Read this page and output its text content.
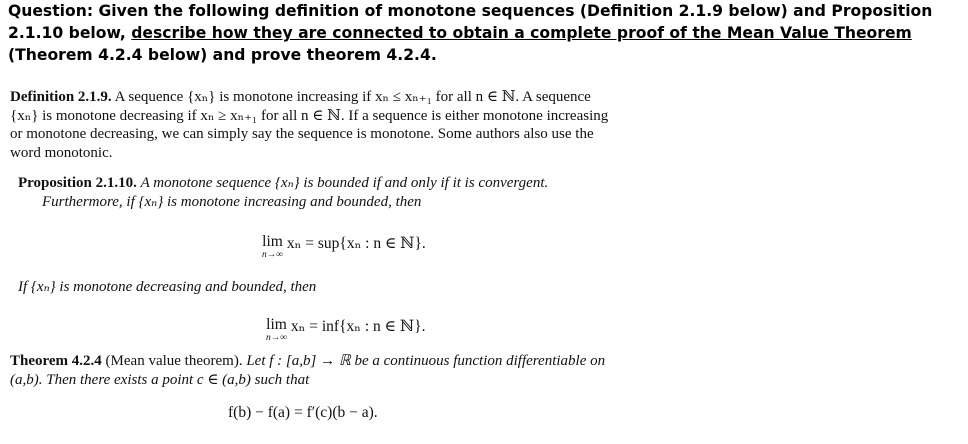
Question: Given the following definition of monotone sequences (Definition 2.1.9 below) and Proposition 2.1.10 below, describe how they are connected to obtain a complete proof of the Mean Value Theorem (Theorem 4.2.4 below) and prove theorem 4.2.4.
Definition 2.1.9. A sequence {xₙ} is monotone increasing if xₙ ≤ xₙ₊₁ for all n ∈ ℕ. A sequence
{xₙ} is monotone decreasing if xₙ ≥ xₙ₊₁ for all n ∈ ℕ. If a sequence is either monotone increasing
or monotone decreasing, we can simply say the sequence is monotone. Some authors also use the
word monotonic.
Proposition 2.1.10. A monotone sequence {xₙ} is bounded if and only if it is convergent.
Furthermore, if {xₙ} is monotone increasing and bounded, then
lim
n→∞
xₙ = sup{xₙ : n ∈ ℕ}.
If {xₙ} is monotone decreasing and bounded, then
lim
n→∞
xₙ = inf{xₙ : n ∈ ℕ}.
Theorem 4.2.4 (Mean value theorem). Let f : [a,b] → ℝ be a continuous function differentiable on
(a,b). Then there exists a point c ∈ (a,b) such that
f(b) − f(a) = f′(c)(b − a).
